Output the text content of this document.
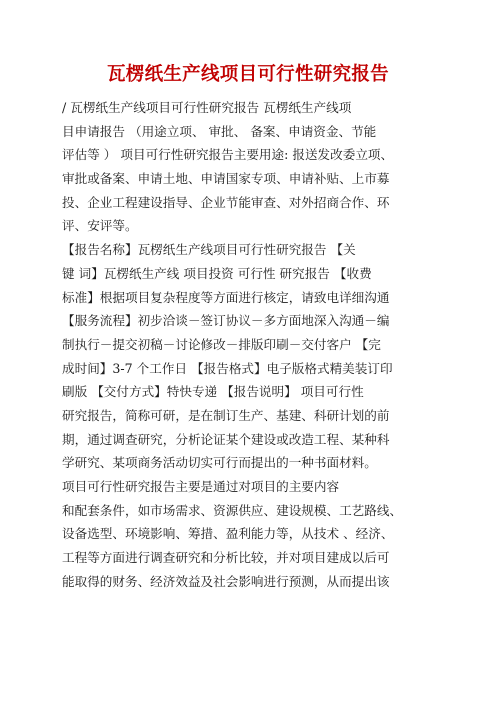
瓦楞纸生产线项目可行性研究报告
/ 瓦楞纸生产线项目可行性研究报告 瓦楞纸生产线项
目申请报告 （用途立项、 审批、 备案、申请资金、节能
评估等 ） 项目可行性研究报告主要用途: 报送发改委立项、
审批或备案、申请土地、申请国家专项、申请补贴、上市募
投、企业工程建设指导、企业节能审查、对外招商合作、环
评、安评等。
【报告名称】瓦楞纸生产线项目可行性研究报告 【关
键 词】瓦楞纸生产线 项目投资 可行性 研究报告 【收费
标准】根据项目复杂程度等方面进行核定，请致电详细沟通
【服务流程】初步洽谈－签订协议－多方面地深入沟通－编
制执行－提交初稿－讨论修改－排版印刷－交付客户 【完
成时间】3-7 个工作日 【报告格式】电子版格式精美装订印
刷版 【交付方式】特快专递 【报告说明】 项目可行性
研究报告，简称可研，是在制订生产、基建、科研计划的前
期，通过调查研究，分析论证某个建设或改造工程、某种科
学研究、某项商务活动切实可行而提出的一种书面材料。
项目可行性研究报告主要是通过对项目的主要内容
和配套条件，如市场需求、资源供应、建设规模、工艺路线、
设备选型、环境影响、筹措、盈利能力等，从技术 、经济、
工程等方面进行调查研究和分析比较，并对项目建成以后可
能取得的财务、经济效益及社会影响进行预测，从而提出该
